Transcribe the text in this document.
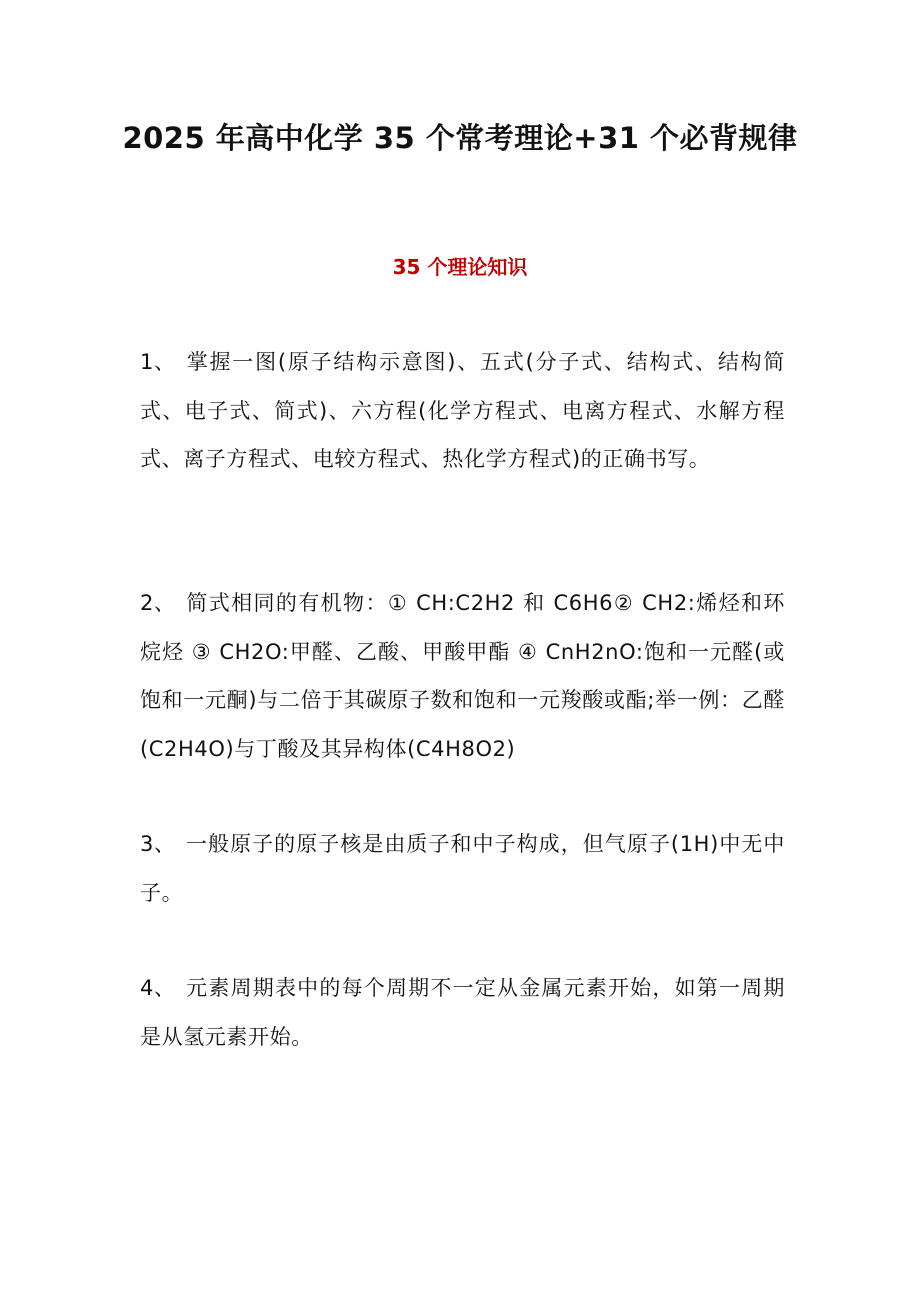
2025 年高中化学 35 个常考理论+31 个必背规律
35 个理论知识

1、 掌握一图(原子结构示意图)、五式(分子式、结构式、结构简式、电子式、简式)、六方程(化学方程式、电离方程式、水解方程式、离子方程式、电较方程式、热化学方程式)的正确书写。

2、 简式相同的有机物：① CH:C2H2 和 C6H6② CH2:烯烃和环烷烃 ③ CH2O:甲醛、乙酸、甲酸甲酯 ④ CnH2nO:饱和一元醛(或饱和一元酮)与二倍于其碳原子数和饱和一元羧酸或酯;举一例：乙醛(C2H4O)与丁酸及其异构体(C4H8O2)

3、 一般原子的原子核是由质子和中子构成，但气原子(1H)中无中子。

4、 元素周期表中的每个周期不一定从金属元素开始，如第一周期是从氢元素开始。
